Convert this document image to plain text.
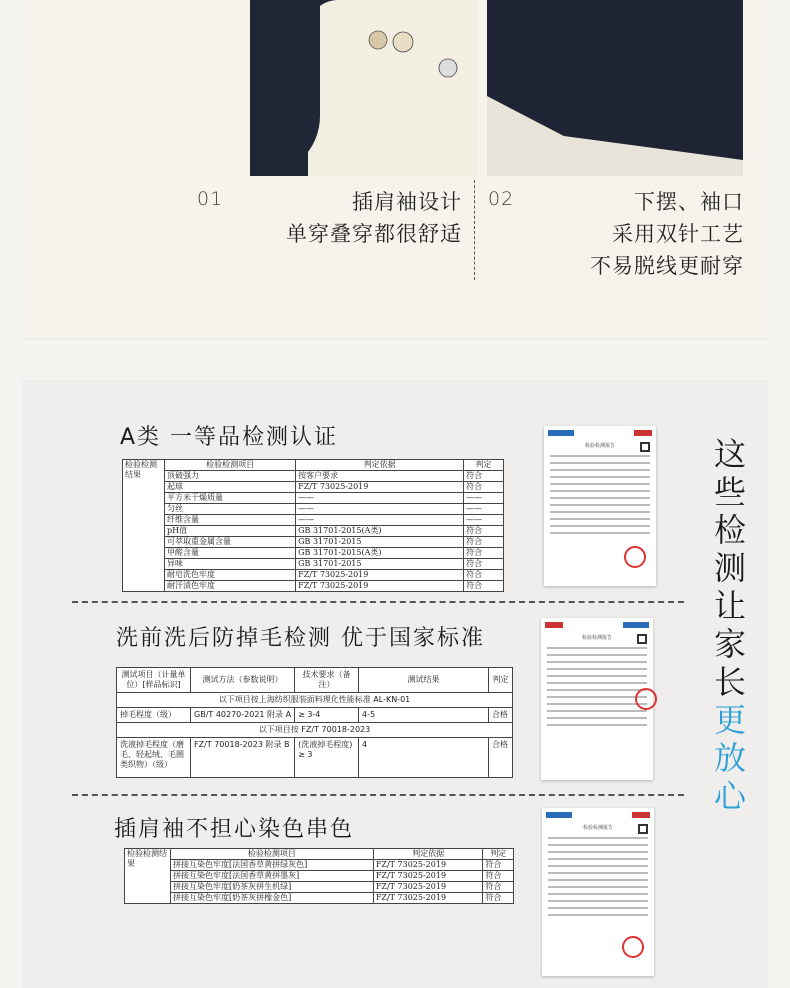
01	插肩袖设计
单穿叠穿都很舒适
02	下摆、袖口
采用双针工艺
不易脱线更耐穿
A类 一等品检测认证
检验检测结果	检验检测项目	判定依据	判定
	顶破强力	按客户要求	符合
	起球	FZ/T 73025-2019	符合
	平方米干燥质量	——	——
	匀丝	——	——
	纤维含量	——	——
	pH值	GB 31701-2015(A类)	符合
	可萃取重金属含量	GB 31701-2015	符合
	甲醛含量	GB 31701-2015(A类)	符合
	异味	GB 31701-2015	符合
	耐皂洗色牢度	FZ/T 73025-2019	符合
	耐汗渍色牢度	FZ/T 73025-2019	符合
检验检测报告
洗前洗后防掉毛检测 优于国家标准
测试项目（计量单位）[样品标识]	测试方法（参数说明）	技术要求（备注）	测试结果	判定
以下项目按上海纺织服装面料理化性能标准 AL-KN-01				
掉毛程度（级）	GB/T 40270-2021 附录 A	≥ 3-4	4-5	合格
以下项目按 FZ/T 70018-2023				
洗液掉毛程度（磨毛、轻起绒、毛圈类织物）（级）	FZ/T 70018-2023 附录 B	(洗液掉毛程度) ≥ 3	4	合格
检验检测报告
插肩袖不担心染色串色
检验检测结果	检验检测项目	判定依据	判定
	拼接互染色牢度[法国香草黄拼绿灰色]	FZ/T 73025-2019	符合
	拼接互染色牢度[法国香草黄拼墨灰]	FZ/T 73025-2019	符合
	拼接互染色牢度[奶茶灰拼生机绿]	FZ/T 73025-2019	符合
	拼接互染色牢度[奶茶灰拼橡金色]	FZ/T 73025-2019	符合
检验检测报告
这
些
检
测
让
家
长
更
放
心
